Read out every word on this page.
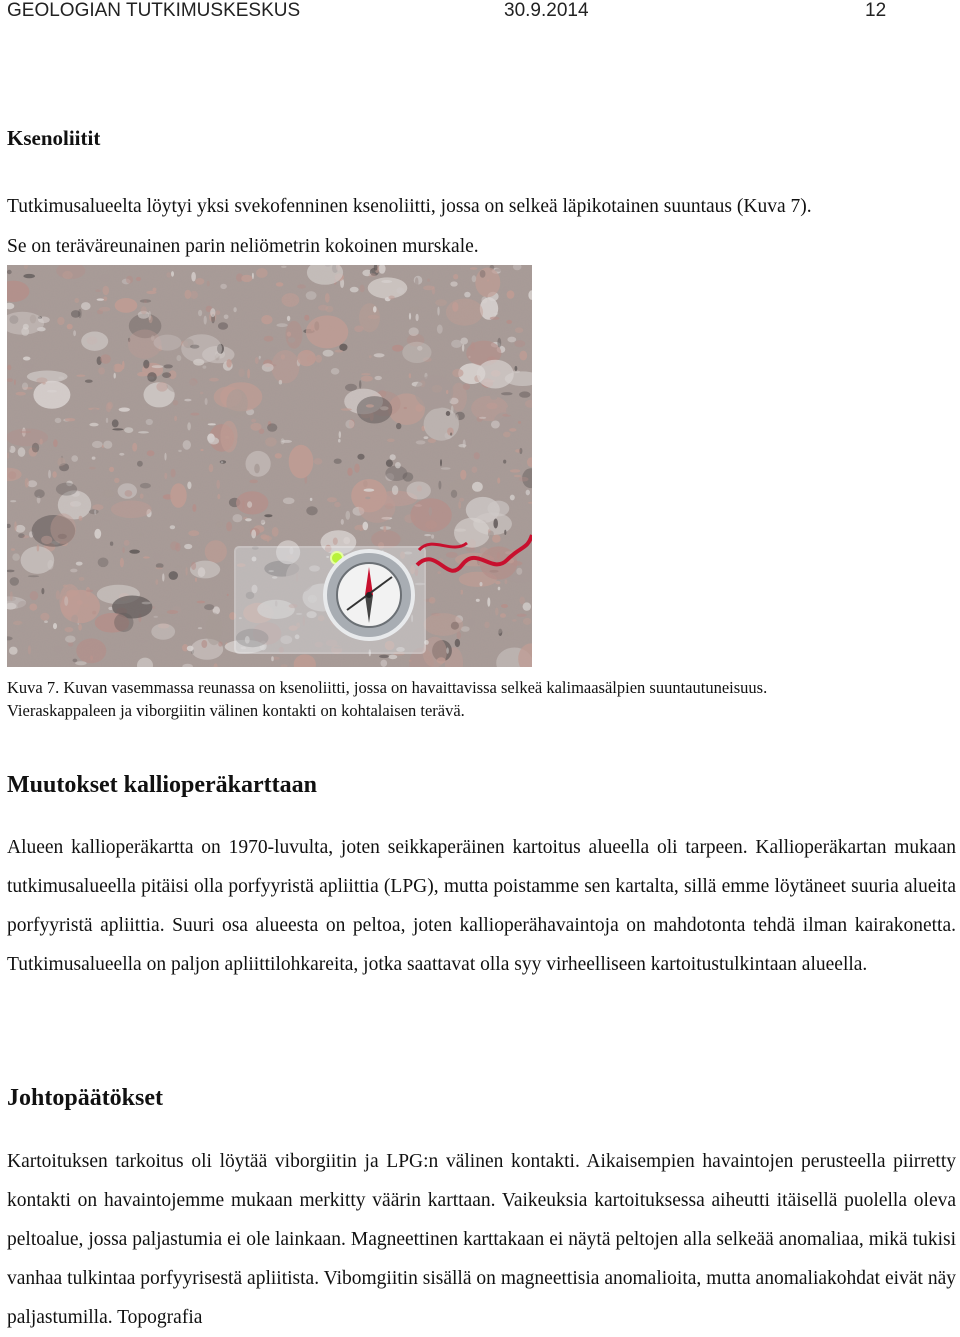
GEOLOGIAN TUTKIMUSKESKUS	30.9.2014	12
Ksenoliitit

Tutkimusalueelta löytyi yksi svekofenninen ksenoliitti, jossa on selkeä läpikotainen suuntaus (Kuva 7).
Se on teräväreunainen parin neliömetrin kokoinen murskale.

Kuva 7. Kuvan vasemmassa reunassa on ksenoliitti, jossa on havaittavissa selkeä kalimaasälpien suuntautuneisuus.
Vieraskappaleen ja viborgiitin välinen kontakti on kohtalaisen terävä.

Muutokset kallioperäkarttaan

Alueen kallioperäkartta on 1970-luvulta, joten seikkaperäinen kartoitus alueella oli tarpeen. Kallioperäkartan mukaan tutkimusalueella pitäisi olla porfyyristä apliittia (LPG), mutta poistamme sen kartalta, sillä emme löytäneet suuria alueita porfyyristä apliittia. Suuri osa alueesta on peltoa, joten kallioperähavaintoja on mahdotonta tehdä ilman kairakonetta. Tutkimusalueella on paljon apliittilohkareita, jotka saattavat olla syy virheelliseen kartoitustulkintaan alueella.

Johtopäätökset

Kartoituksen tarkoitus oli löytää viborgiitin ja LPG:n välinen kontakti. Aikaisempien havaintojen perusteella piirretty kontakti on havaintojemme mukaan merkitty väärin karttaan. Vaikeuksia kartoituksessa aiheutti itäisellä puolella oleva peltoalue, jossa paljastumia ei ole lainkaan. Magneettinen karttakaan ei näytä peltojen alla selkeää anomaliaa, mikä tukisi vanhaa tulkintaa porfyyrisestä apliitista. Vibomgiitin sisällä on magneettisia anomalioita, mutta anomaliakohdat eivät näy paljastumilla. Topografia
